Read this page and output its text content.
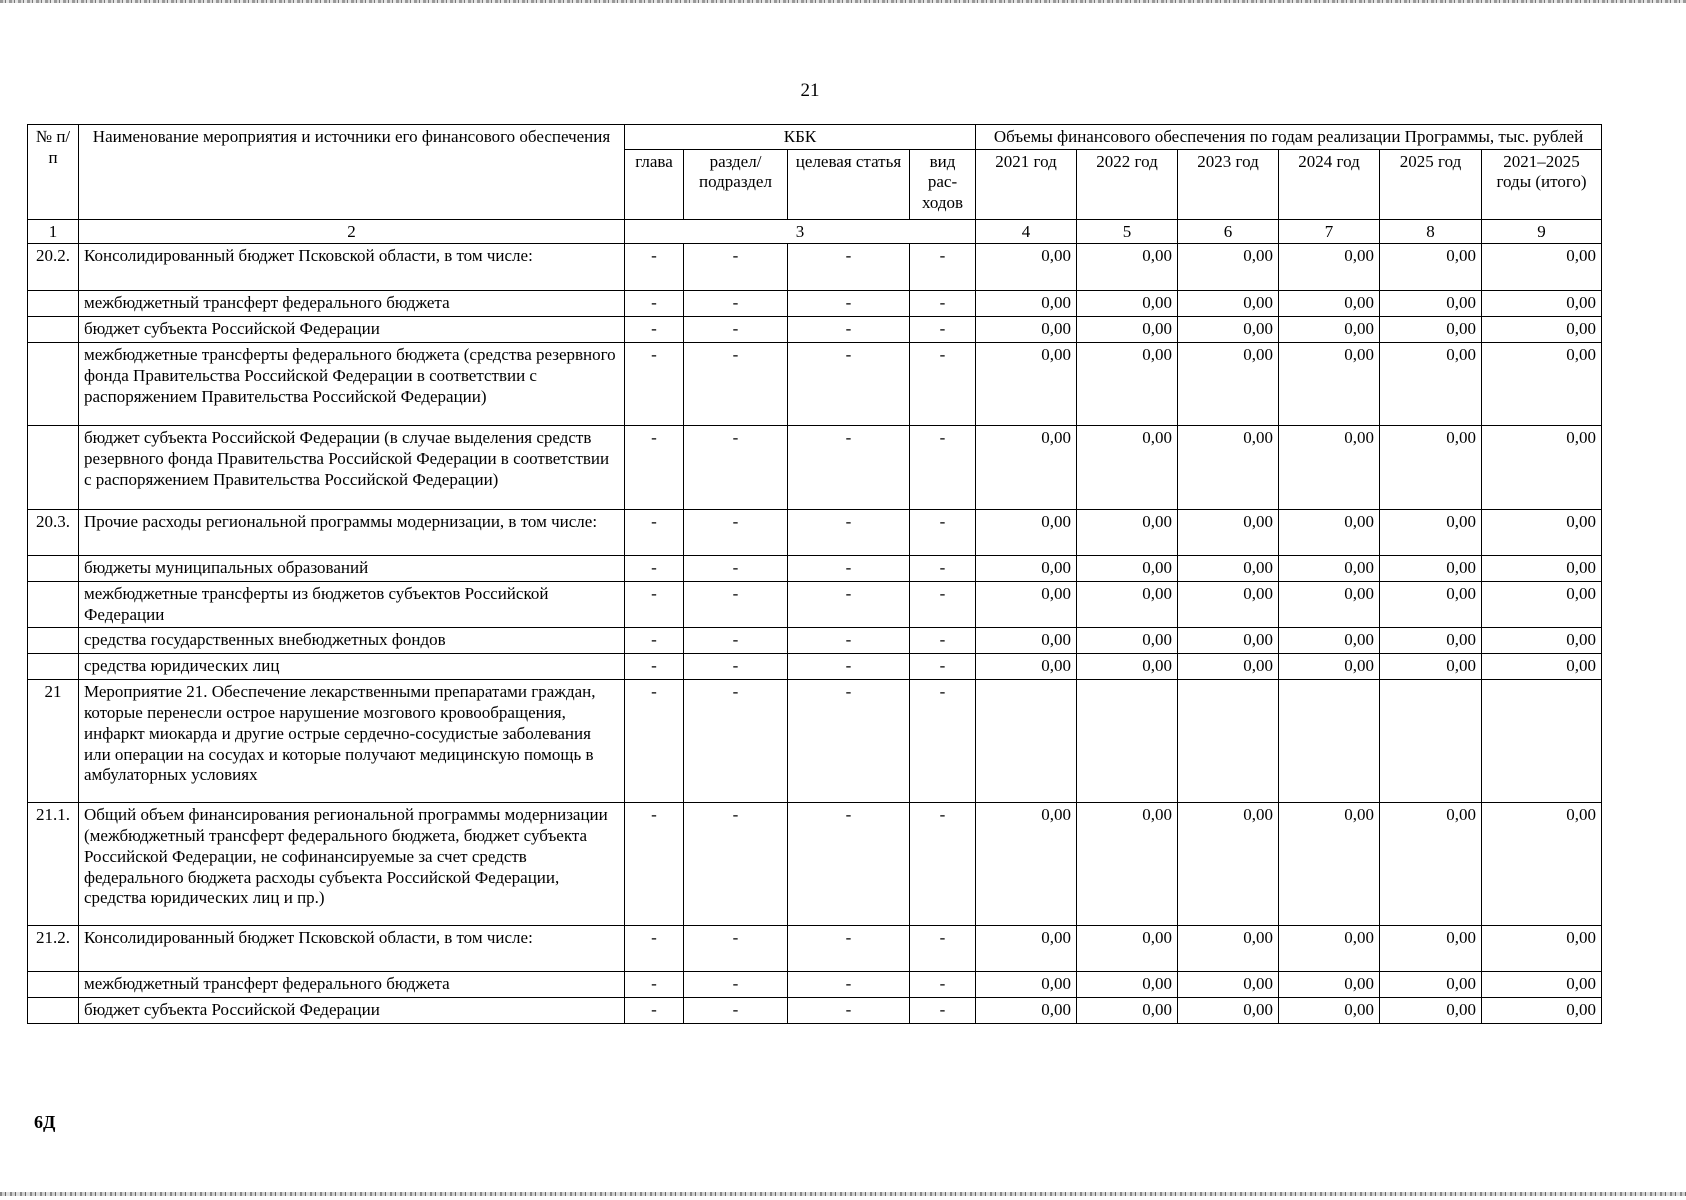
21
№ п/п	Наименование мероприятия и источники его финансового обеспечения	КБК				Объемы финансового обеспечения по годам реализации Программы, тыс. рублей					
		глава	раздел/ подраздел	целевая статья	вид рас- ходов	2021 год	2022 год	2023 год	2024 год	2025 год	2021–2025 годы (итого)
1	2	3				4	5	6	7	8	9
20.2.	Консолидированный бюджет Псковской области, в том числе:	-	-	-	-	0,00	0,00	0,00	0,00	0,00	0,00
	межбюджетный трансферт федерального бюджета	-	-	-	-	0,00	0,00	0,00	0,00	0,00	0,00
	бюджет субъекта Российской Федерации	-	-	-	-	0,00	0,00	0,00	0,00	0,00	0,00
	межбюджетные трансферты федерального бюджета (средства резервного фонда Правительства Российской Федерации в соответствии с распоряжением Правительства Российской Федерации)	-	-	-	-	0,00	0,00	0,00	0,00	0,00	0,00
	бюджет субъекта Российской Федерации (в случае выделения средств резервного фонда Правительства Российской Федерации в соответствии с распоряжением Правительства Российской Федерации)	-	-	-	-	0,00	0,00	0,00	0,00	0,00	0,00
20.3.	Прочие расходы региональной программы модернизации, в том числе:	-	-	-	-	0,00	0,00	0,00	0,00	0,00	0,00
	бюджеты муниципальных образований	-	-	-	-	0,00	0,00	0,00	0,00	0,00	0,00
	межбюджетные трансферты из бюджетов субъектов Российской Федерации	-	-	-	-	0,00	0,00	0,00	0,00	0,00	0,00
	средства государственных внебюджетных фондов	-	-	-	-	0,00	0,00	0,00	0,00	0,00	0,00
	средства юридических лиц	-	-	-	-	0,00	0,00	0,00	0,00	0,00	0,00
21	Мероприятие 21. Обеспечение лекарственными препаратами граждан, которые перенесли острое нарушение мозгового кровообращения, инфаркт миокарда и другие острые сердечно-сосудистые заболевания или операции на сосудах и которые получают медицинскую помощь в амбулаторных условиях	-	-	-	-						
21.1.	Общий объем финансирования региональной программы модернизации (межбюджетный трансферт федерального бюджета, бюджет субъекта Российской Федерации, не софинансируемые за счет средств федерального бюджета расходы субъекта Российской Федерации, средства юридических лиц и пр.)	-	-	-	-	0,00	0,00	0,00	0,00	0,00	0,00
21.2.	Консолидированный бюджет Псковской области, в том числе:	-	-	-	-	0,00	0,00	0,00	0,00	0,00	0,00
	межбюджетный трансферт федерального бюджета	-	-	-	-	0,00	0,00	0,00	0,00	0,00	0,00
	бюджет субъекта Российской Федерации	-	-	-	-	0,00	0,00	0,00	0,00	0,00	0,00
6Д
